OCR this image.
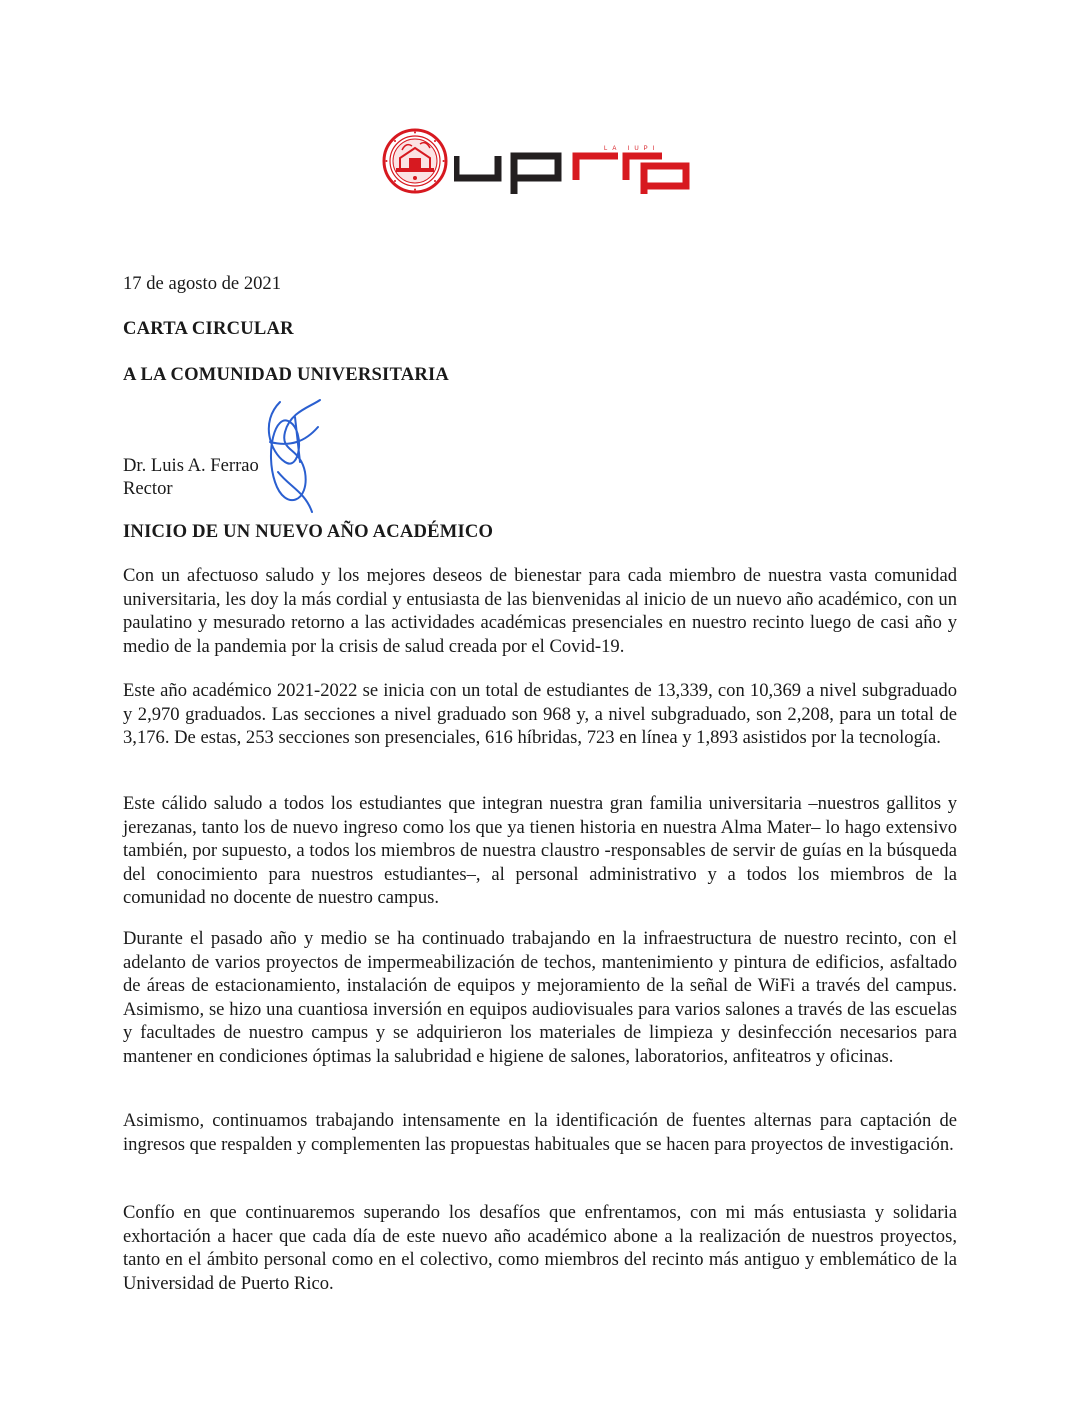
LA IUPI
17 de agosto de 2021
CARTA CIRCULAR
A LA COMUNIDAD UNIVERSITARIA
Dr. Luis A. Ferrao
Rector
INICIO DE UN NUEVO AÑO ACADÉMICO

Con un afectuoso saludo y los mejores deseos de bienestar para cada miembro de nuestra vasta comunidad universitaria, les doy la más cordial y entusiasta de las bienvenidas al inicio de un nuevo año académico, con un paulatino y mesurado retorno a las actividades académicas presenciales en nuestro recinto luego de casi año y medio de la pandemia por la crisis de salud creada por el Covid-19.

Este año académico 2021-2022 se inicia con un total de estudiantes de 13,339, con 10,369 a nivel subgraduado y 2,970 graduados. Las secciones a nivel graduado son 968 y, a nivel subgraduado, son 2,208, para un total de 3,176. De estas, 253 secciones son presenciales, 616 híbridas, 723 en línea y 1,893 asistidos por la tecnología.

Este cálido saludo a todos los estudiantes que integran nuestra gran familia universitaria –nuestros gallitos y jerezanas, tanto los de nuevo ingreso como los que ya tienen historia en nuestra Alma Mater– lo hago extensivo también, por supuesto, a todos los miembros de nuestra claustro -responsables de servir de guías en la búsqueda del conocimiento para nuestros estudiantes–, al personal administrativo y a todos los miembros de la comunidad no docente de nuestro campus.

Durante el pasado año y medio se ha continuado trabajando en la infraestructura de nuestro recinto, con el adelanto de varios proyectos de impermeabilización de techos, mantenimiento y pintura de edificios, asfaltado de áreas de estacionamiento, instalación de equipos y mejoramiento de la señal de WiFi a través del campus. Asimismo, se hizo una cuantiosa inversión en equipos audiovisuales para varios salones a través de las escuelas y facultades de nuestro campus y se adquirieron los materiales de limpieza y desinfección necesarios para mantener en condiciones óptimas la salubridad e higiene de salones, laboratorios, anfiteatros y oficinas.

Asimismo, continuamos trabajando intensamente en la identificación de fuentes alternas para captación de ingresos que respalden y complementen las propuestas habituales que se hacen para proyectos de investigación.

Confío en que continuaremos superando los desafíos que enfrentamos, con mi más entusiasta y solidaria exhortación a hacer que cada día de este nuevo año académico abone a la realización de nuestros proyectos, tanto en el ámbito personal como en el colectivo, como miembros del recinto más antiguo y emblemático de la Universidad de Puerto Rico.
